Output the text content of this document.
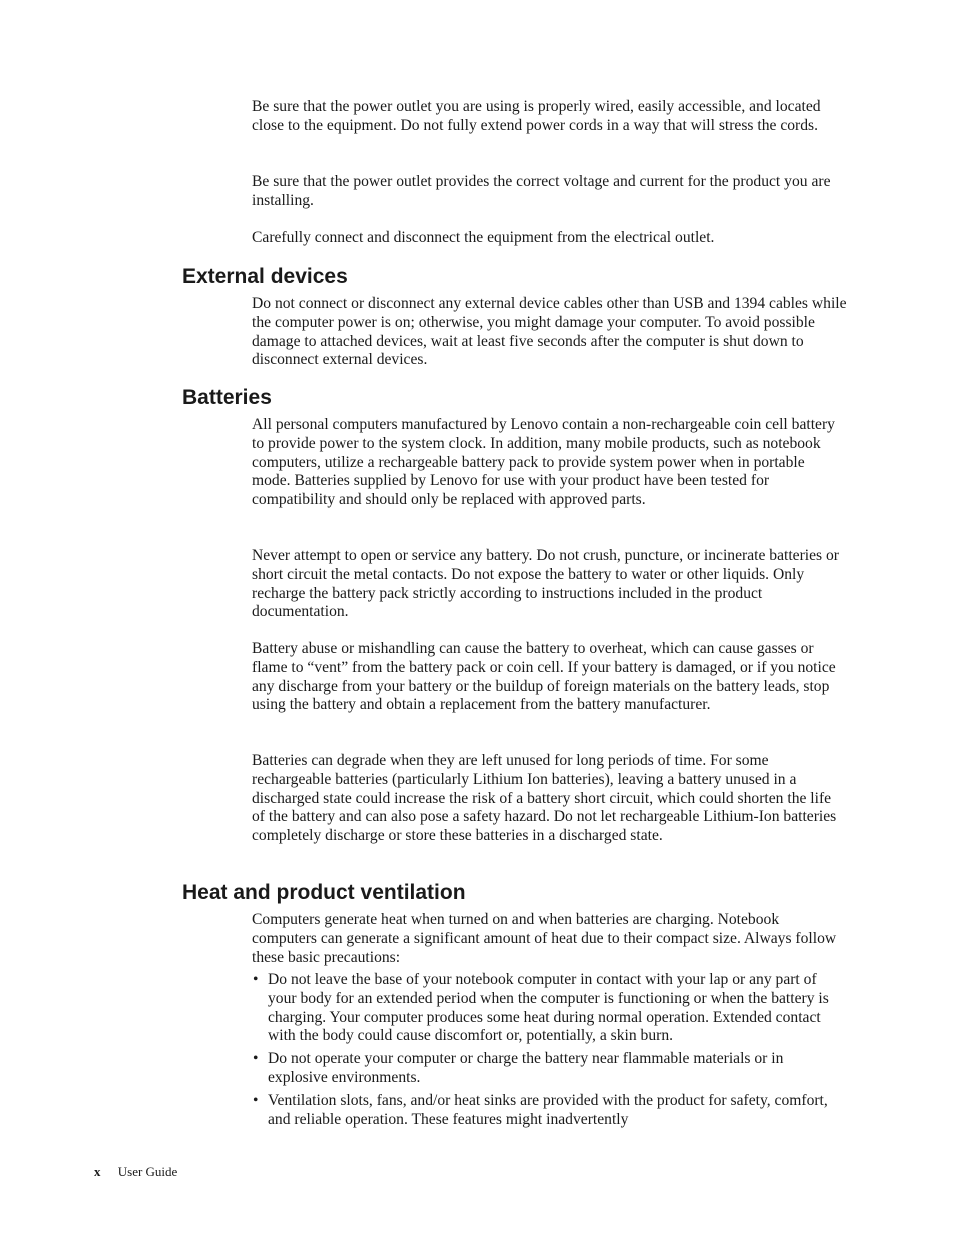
Be sure that the power outlet you are using is properly wired, easily accessible, and located close to the equipment. Do not fully extend power cords in a way that will stress the cords.

Be sure that the power outlet provides the correct voltage and current for the product you are installing.

Carefully connect and disconnect the equipment from the electrical outlet.

External devices

Do not connect or disconnect any external device cables other than USB and 1394 cables while the computer power is on; otherwise, you might damage your computer. To avoid possible damage to attached devices, wait at least five seconds after the computer is shut down to disconnect external devices.

Batteries

All personal computers manufactured by Lenovo contain a non-rechargeable coin cell battery to provide power to the system clock. In addition, many mobile products, such as notebook computers, utilize a rechargeable battery pack to provide system power when in portable mode. Batteries supplied by Lenovo for use with your product have been tested for compatibility and should only be replaced with approved parts.

Never attempt to open or service any battery. Do not crush, puncture, or incinerate batteries or short circuit the metal contacts. Do not expose the battery to water or other liquids. Only recharge the battery pack strictly according to instructions included in the product documentation.

Battery abuse or mishandling can cause the battery to overheat, which can cause gasses or flame to “vent” from the battery pack or coin cell. If your battery is damaged, or if you notice any discharge from your battery or the buildup of foreign materials on the battery leads, stop using the battery and obtain a replacement from the battery manufacturer.

Batteries can degrade when they are left unused for long periods of time. For some rechargeable batteries (particularly Lithium Ion batteries), leaving a battery unused in a discharged state could increase the risk of a battery short circuit, which could shorten the life of the battery and can also pose a safety hazard. Do not let rechargeable Lithium-Ion batteries completely discharge or store these batteries in a discharged state.

Heat and product ventilation

Computers generate heat when turned on and when batteries are charging. Notebook computers can generate a significant amount of heat due to their compact size. Always follow these basic precautions:

• Do not leave the base of your notebook computer in contact with your lap or any part of your body for an extended period when the computer is functioning or when the battery is charging. Your computer produces some heat during normal operation. Extended contact with the body could cause discomfort or, potentially, a skin burn.
• Do not operate your computer or charge the battery near flammable materials or in explosive environments.
• Ventilation slots, fans, and/or heat sinks are provided with the product for safety, comfort, and reliable operation. These features might inadvertently
x User Guide
